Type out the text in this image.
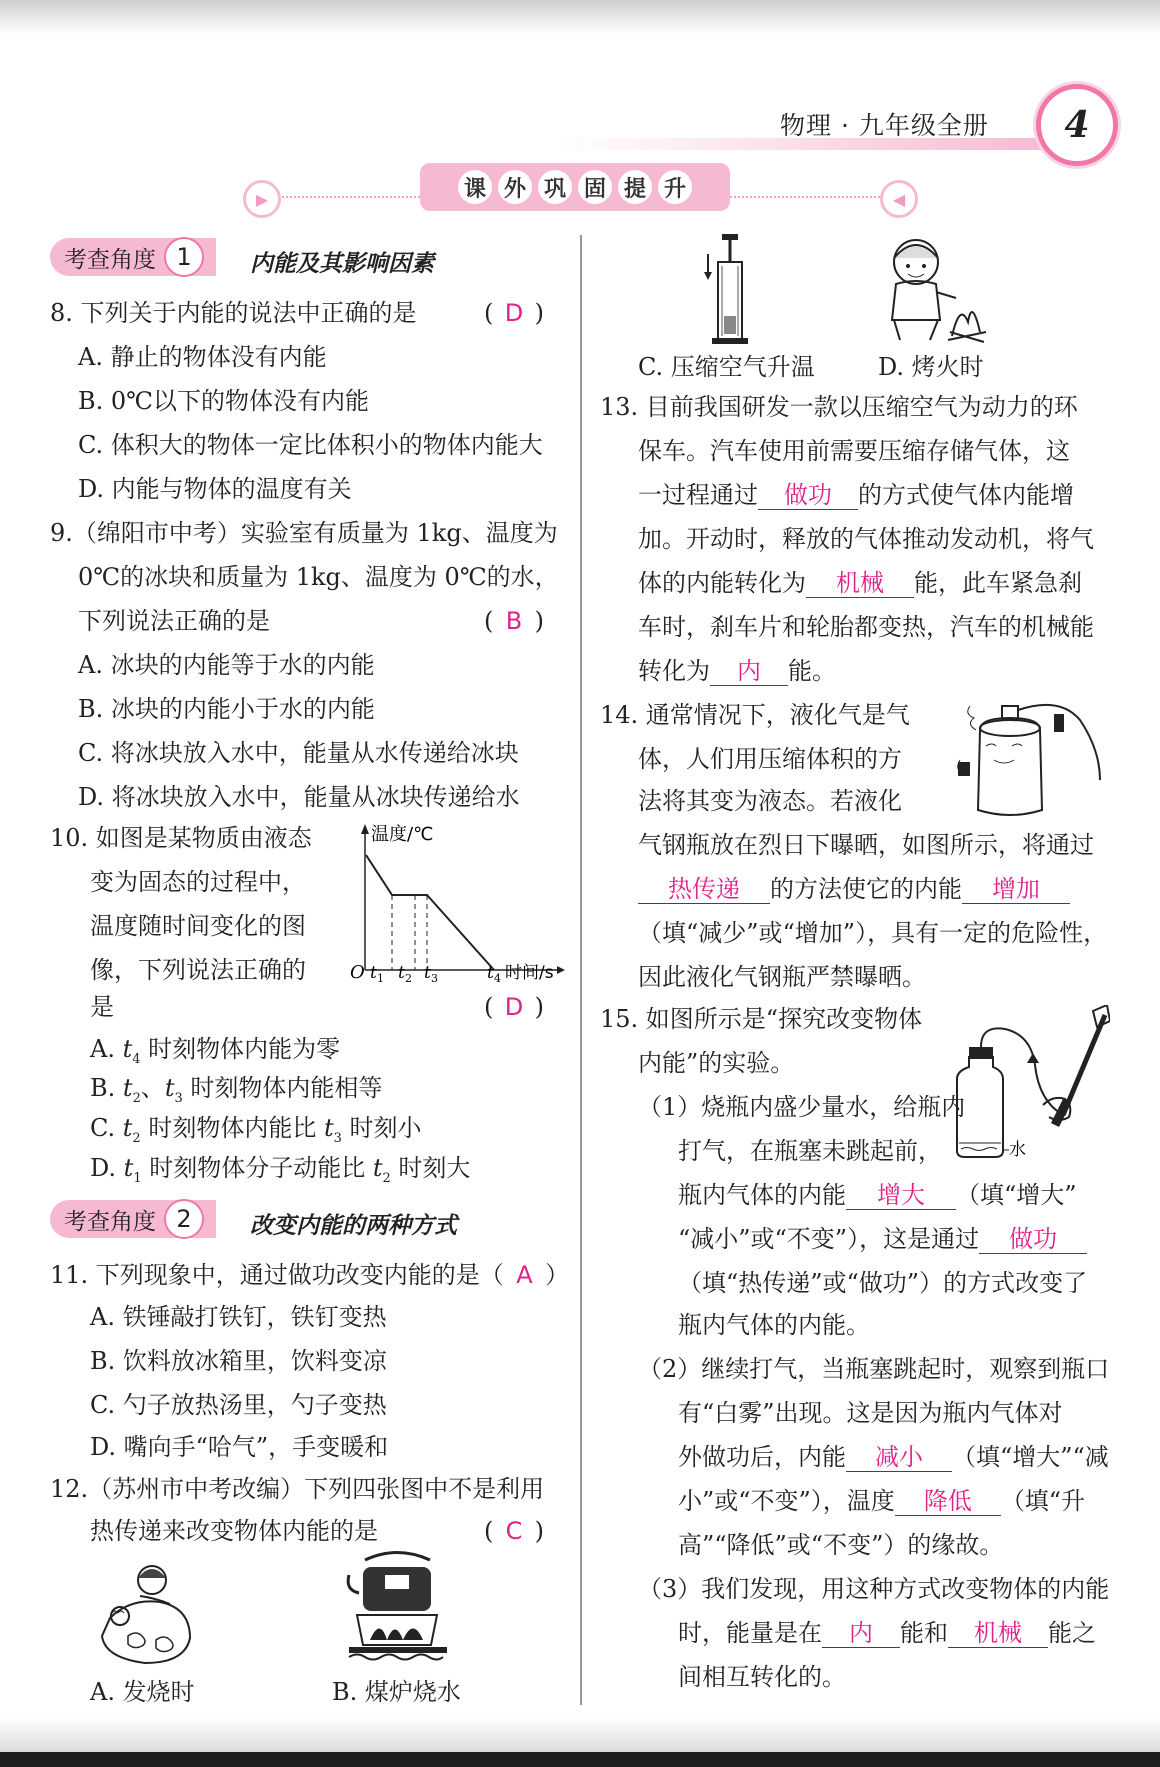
物理 · 九年级全册 4
▶	◀
课 外 巩 固 提 升
考查角度 1	内能及其影响因素
8. 下列关于内能的说法中正确的是	( D )
A. 静止的物体没有内能
B. 0℃以下的物体没有内能
C. 体积大的物体一定比体积小的物体内能大
D. 内能与物体的温度有关
9.（绵阳市中考）实验室有质量为 1kg、温度为
0℃的冰块和质量为 1kg、温度为 0℃的水，
下列说法正确的是	( B )
A. 冰块的内能等于水的内能
B. 冰块的内能小于水的内能
C. 将冰块放入水中，能量从水传递给冰块
D. 将冰块放入水中，能量从冰块传递给水
10. 如图是某物质由液态
变为固态的过程中，
温度随时间变化的图
像，下列说法正确的
是	( D )
温度/℃
O t 1 t 2 t 3	t 4 时间/s
A. $t_4$ 时刻物体内能为零
B. $t_2$、$t_3$ 时刻物体内能相等
C. $t_2$ 时刻物体内能比 $t_3$ 时刻小
D. $t_1$ 时刻物体分子动能比 $t_2$ 时刻大
考查角度 2	改变内能的两种方式
11. 下列现象中，通过做功改变内能的是（ A ）
A. 铁锤敲打铁钉，铁钉变热
B. 饮料放冰箱里，饮料变凉
C. 勺子放热汤里，勺子变热
D. 嘴向手“哈气”，手变暖和
12.（苏州市中考改编）下列四张图中不是利用
热传递来改变物体内能的是	( C )
A. 发烧时	B. 煤炉烧水
C. 压缩空气升温	D. 烤火时
13. 目前我国研发一款以压缩空气为动力的环
保车。汽车使用前需要压缩存储气体，这
一过程通过 做功 的方式使气体内能增
加。开动时，释放的气体推动发动机，将气
体的内能转化为 机械 能，此车紧急刹
车时，刹车片和轮胎都变热，汽车的机械能
转化为 内 能。
14. 通常情况下，液化气是气
体，人们用压缩体积的方
法将其变为液态。若液化
气钢瓶放在烈日下曝晒，如图所示，将通过
热传递 的方法使它的内能 增加
（填“减少”或“增加”），具有一定的危险性，
因此液化气钢瓶严禁曝晒。
15. 如图所示是“探究改变物体
内能”的实验。
水
（1）烧瓶内盛少量水，给瓶内
打气，在瓶塞未跳起前，
瓶内气体的内能 增大 （填“增大”
“减小”或“不变”），这是通过 做功
（填“热传递”或“做功”）的方式改变了
瓶内气体的内能。
（2）继续打气，当瓶塞跳起时，观察到瓶口
有“白雾”出现。这是因为瓶内气体对
外做功后，内能 减小 （填“增大”“减
小”或“不变”），温度 降低 （填“升
高”“降低”或“不变”）的缘故。
（3）我们发现，用这种方式改变物体的内能
时，能量是在 内 能和 机械 能之
间相互转化的。
